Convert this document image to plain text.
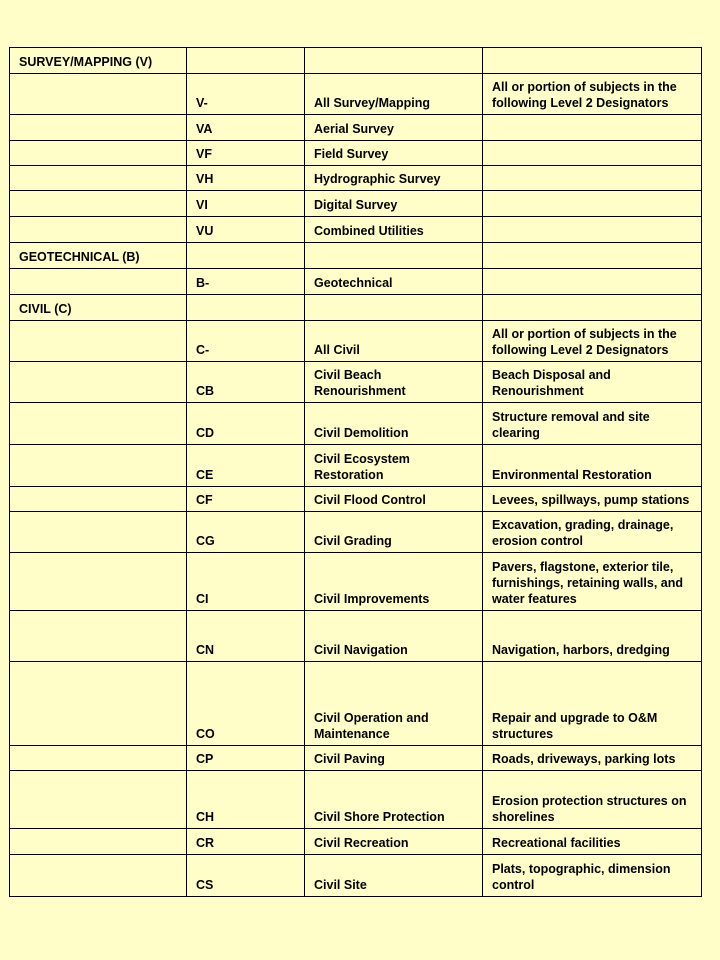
SURVEY/MAPPING (V)			
	V-	All Survey/Mapping	All or portion of subjects in the following Level 2 Designators
	VA	Aerial Survey	
	VF	Field Survey	
	VH	Hydrographic Survey	
	VI	Digital Survey	
	VU	Combined Utilities	
GEOTECHNICAL (B)			
	B-	Geotechnical	
CIVIL (C)			
	C-	All Civil	All or portion of subjects in the following Level 2 Designators
	CB	Civil Beach Renourishment	Beach Disposal and Renourishment
	CD	Civil Demolition	Structure removal and site clearing
	CE	Civil Ecosystem Restoration	Environmental Restoration
	CF	Civil Flood Control	Levees, spillways, pump stations
	CG	Civil Grading	Excavation, grading, drainage, erosion control
	CI	Civil Improvements	Pavers, flagstone, exterior tile, furnishings, retaining walls, and water features
	CN	Civil Navigation	Navigation, harbors, dredging
	CO	Civil Operation and Maintenance	Repair and upgrade to O&M structures
	CP	Civil Paving	Roads, driveways, parking lots
	CH	Civil Shore Protection	Erosion protection structures on shorelines
	CR	Civil Recreation	Recreational facilities
	CS	Civil Site	Plats, topographic, dimension control
